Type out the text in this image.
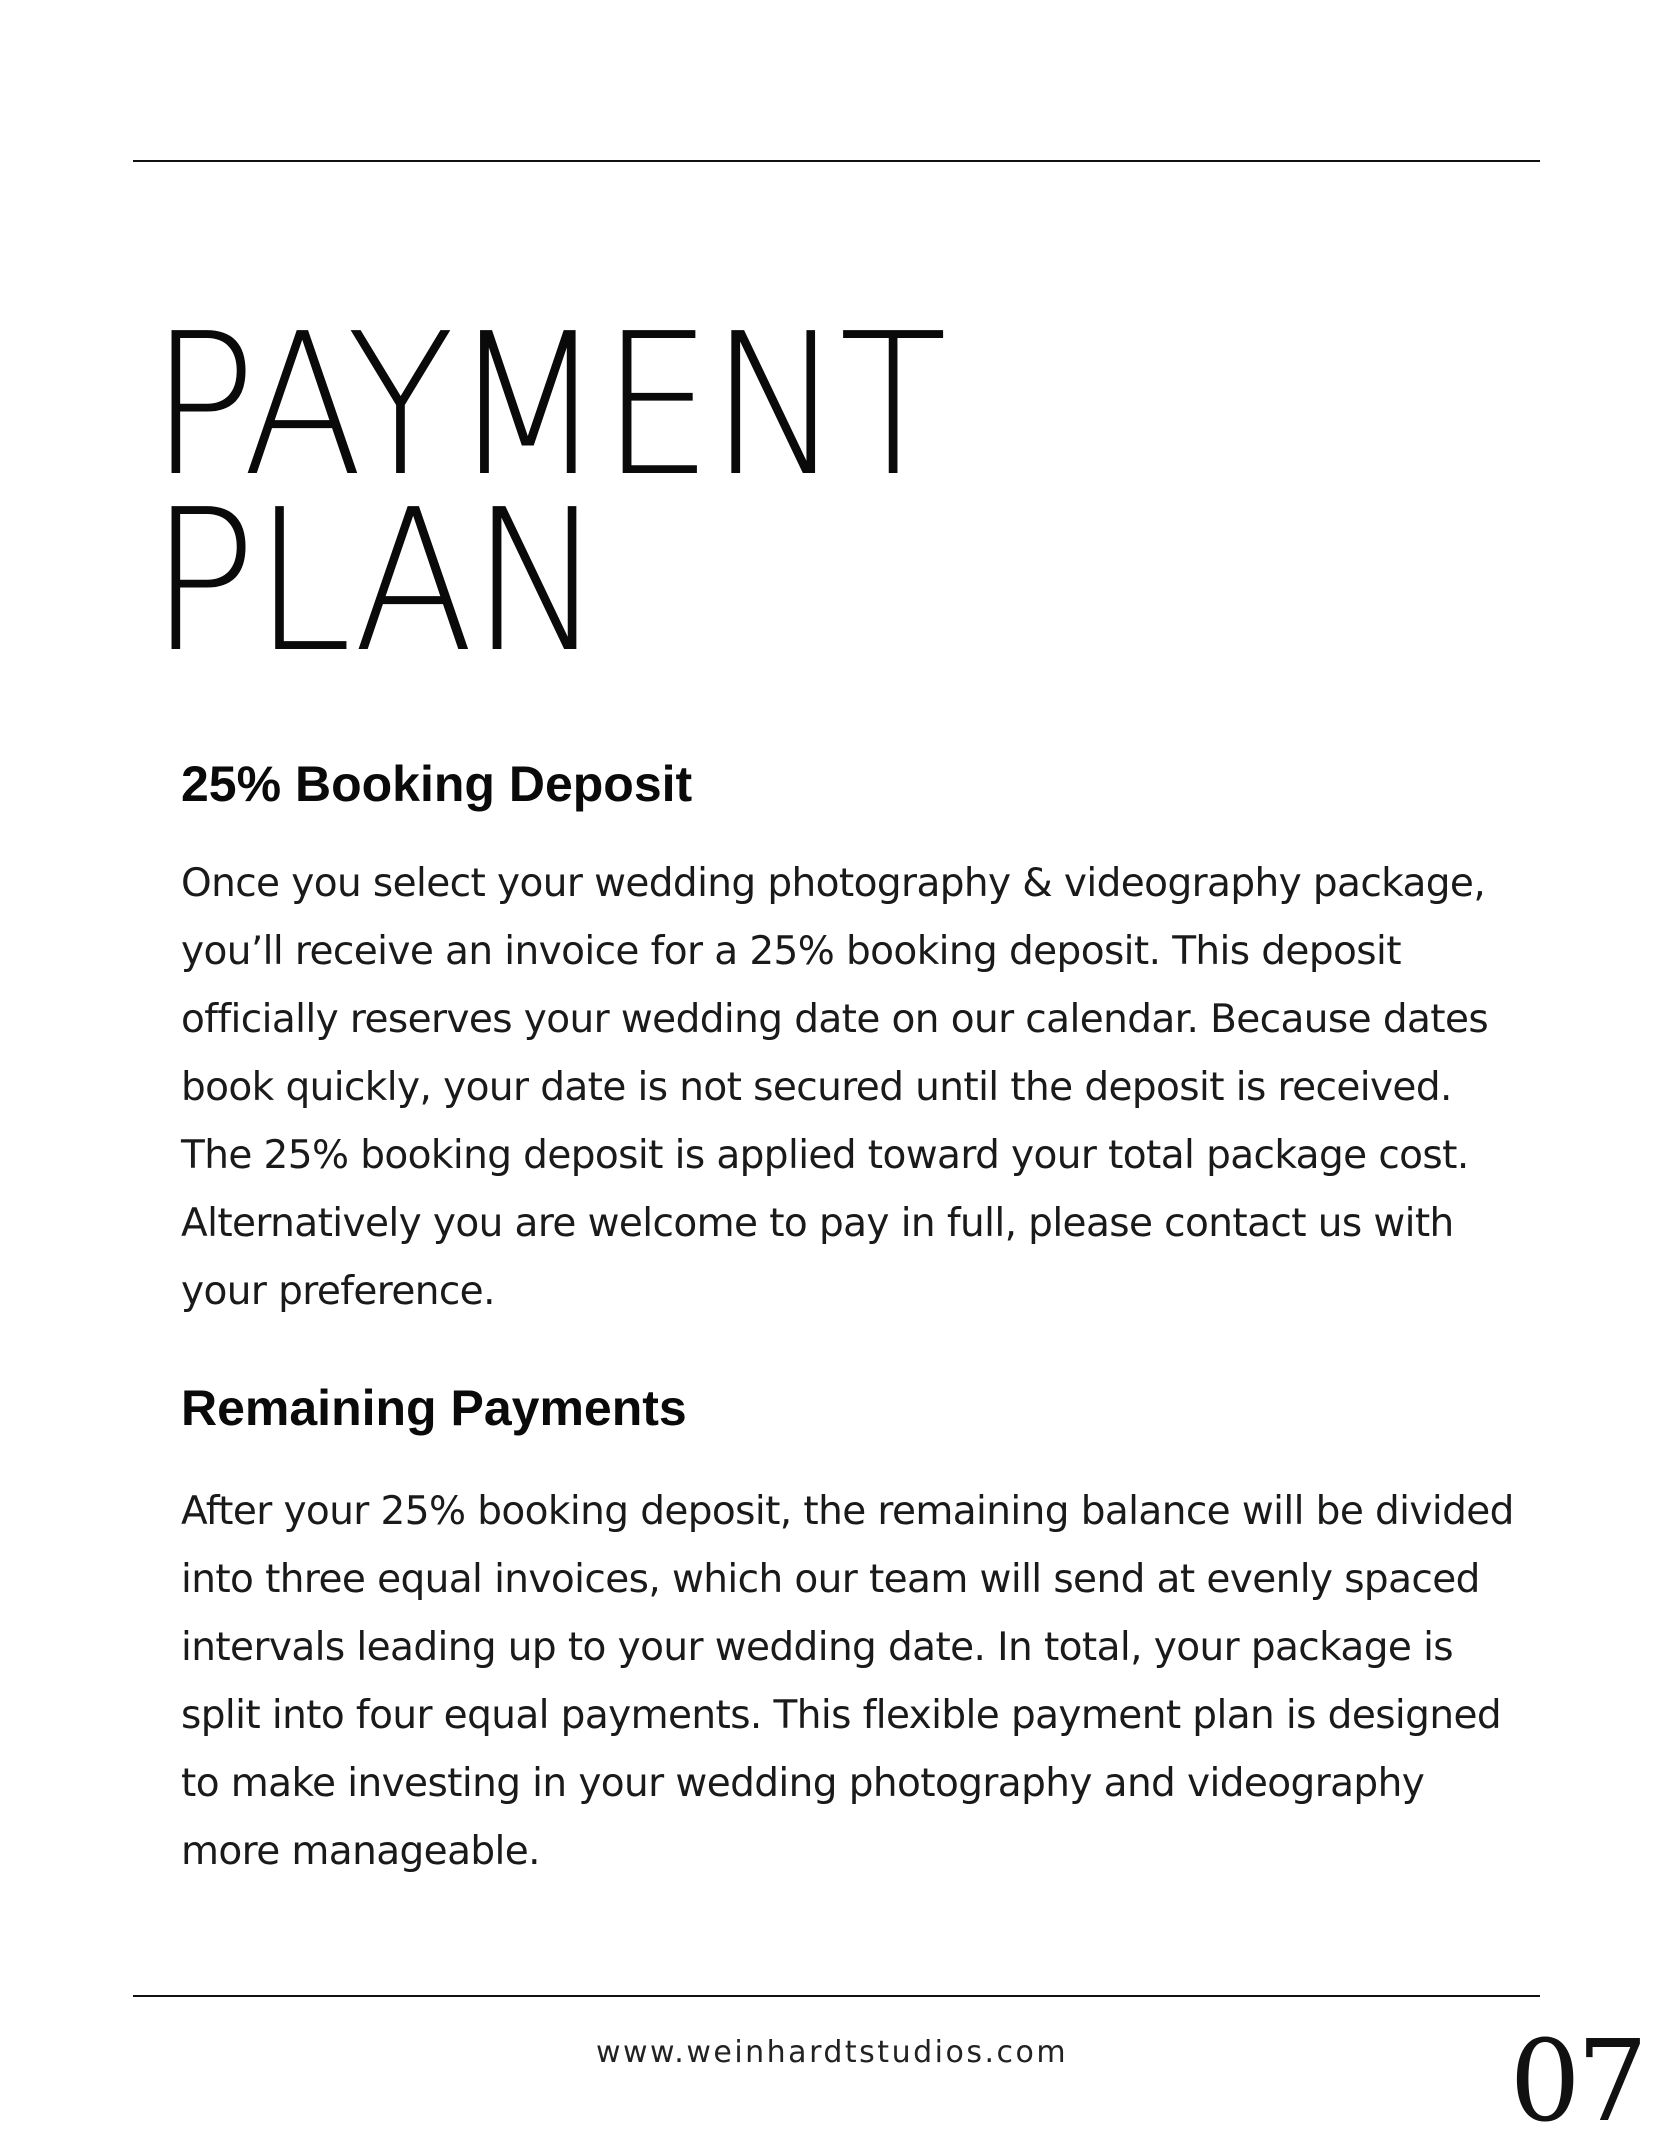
PAYMENT
PLAN
25% Booking Deposit

Once you select your wedding photography & videography package, you’ll receive an invoice for a 25% booking deposit. This deposit officially reserves your wedding date on our calendar. Because dates book quickly, your date is not secured until the deposit is received. The 25% booking deposit is applied toward your total package cost. Alternatively you are welcome to pay in full, please contact us with your preference.

Remaining Payments

After your 25% booking deposit, the remaining balance will be divided into three equal invoices, which our team will send at evenly spaced intervals leading up to your wedding date. In total, your package is split into four equal payments. This flexible payment plan is designed to make investing in your wedding photography and videography more manageable.

www.weinhardtstudios.com	07
